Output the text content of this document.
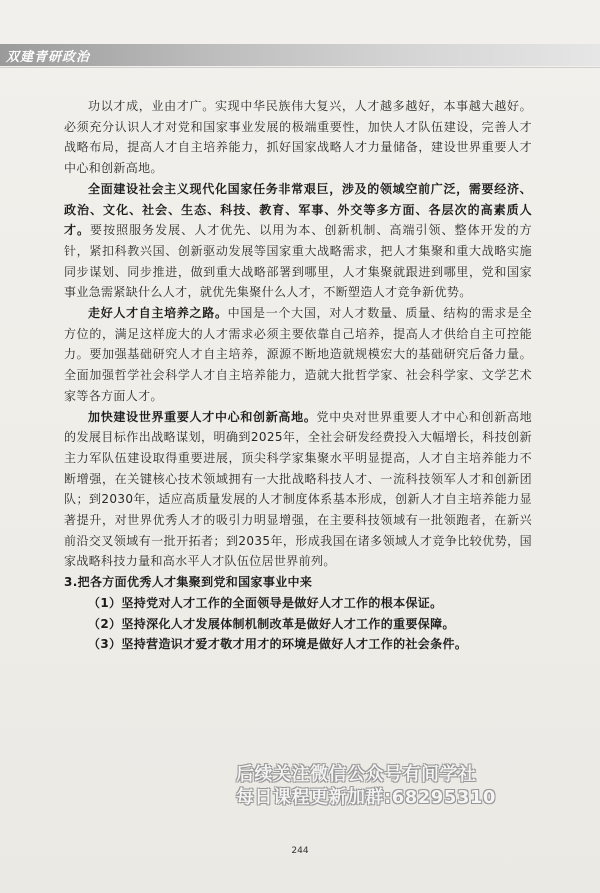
双建青研政治

功以才成，业由才广。实现中华民族伟大复兴，人才越多越好，本事越大越好。必须充分认识人才对党和国家事业发展的极端重要性，加快人才队伍建设，完善人才战略布局，提高人才自主培养能力，抓好国家战略人才力量储备，建设世界重要人才中心和创新高地。

全面建设社会主义现代化国家任务非常艰巨，涉及的领域空前广泛，需要经济、政治、文化、社会、生态、科技、教育、军事、外交等多方面、各层次的高素质人才。要按照服务发展、人才优先、以用为本、创新机制、高端引领、整体开发的方针，紧扣科教兴国、创新驱动发展等国家重大战略需求，把人才集聚和重大战略实施同步谋划、同步推进，做到重大战略部署到哪里，人才集聚就跟进到哪里，党和国家事业急需紧缺什么人才，就优先集聚什么人才，不断塑造人才竞争新优势。

走好人才自主培养之路。中国是一个大国，对人才数量、质量、结构的需求是全方位的，满足这样庞大的人才需求必须主要依靠自己培养，提高人才供给自主可控能力。要加强基础研究人才自主培养，源源不断地造就规模宏大的基础研究后备力量。全面加强哲学社会科学人才自主培养能力，造就大批哲学家、社会科学家、文学艺术家等各方面人才。

加快建设世界重要人才中心和创新高地。党中央对世界重要人才中心和创新高地的发展目标作出战略谋划，明确到2025年，全社会研发经费投入大幅增长，科技创新主力军队伍建设取得重要进展，顶尖科学家集聚水平明显提高，人才自主培养能力不断增强，在关键核心技术领域拥有一大批战略科技人才、一流科技领军人才和创新团队；到2030年，适应高质量发展的人才制度体系基本形成，创新人才自主培养能力显著提升，对世界优秀人才的吸引力明显增强，在主要科技领域有一批领跑者，在新兴前沿交叉领域有一批开拓者；到2035年，形成我国在诸多领域人才竞争比较优势，国家战略科技力量和高水平人才队伍位居世界前列。

3.把各方面优秀人才集聚到党和国家事业中来

（1）坚持党对人才工作的全面领导是做好人才工作的根本保证。

（2）坚持深化人才发展体制机制改革是做好人才工作的重要保障。

（3）坚持营造识才爱才敬才用才的环境是做好人才工作的社会条件。

后续关注微信公众号有间学社
每日课程更新加群:68295310
244
